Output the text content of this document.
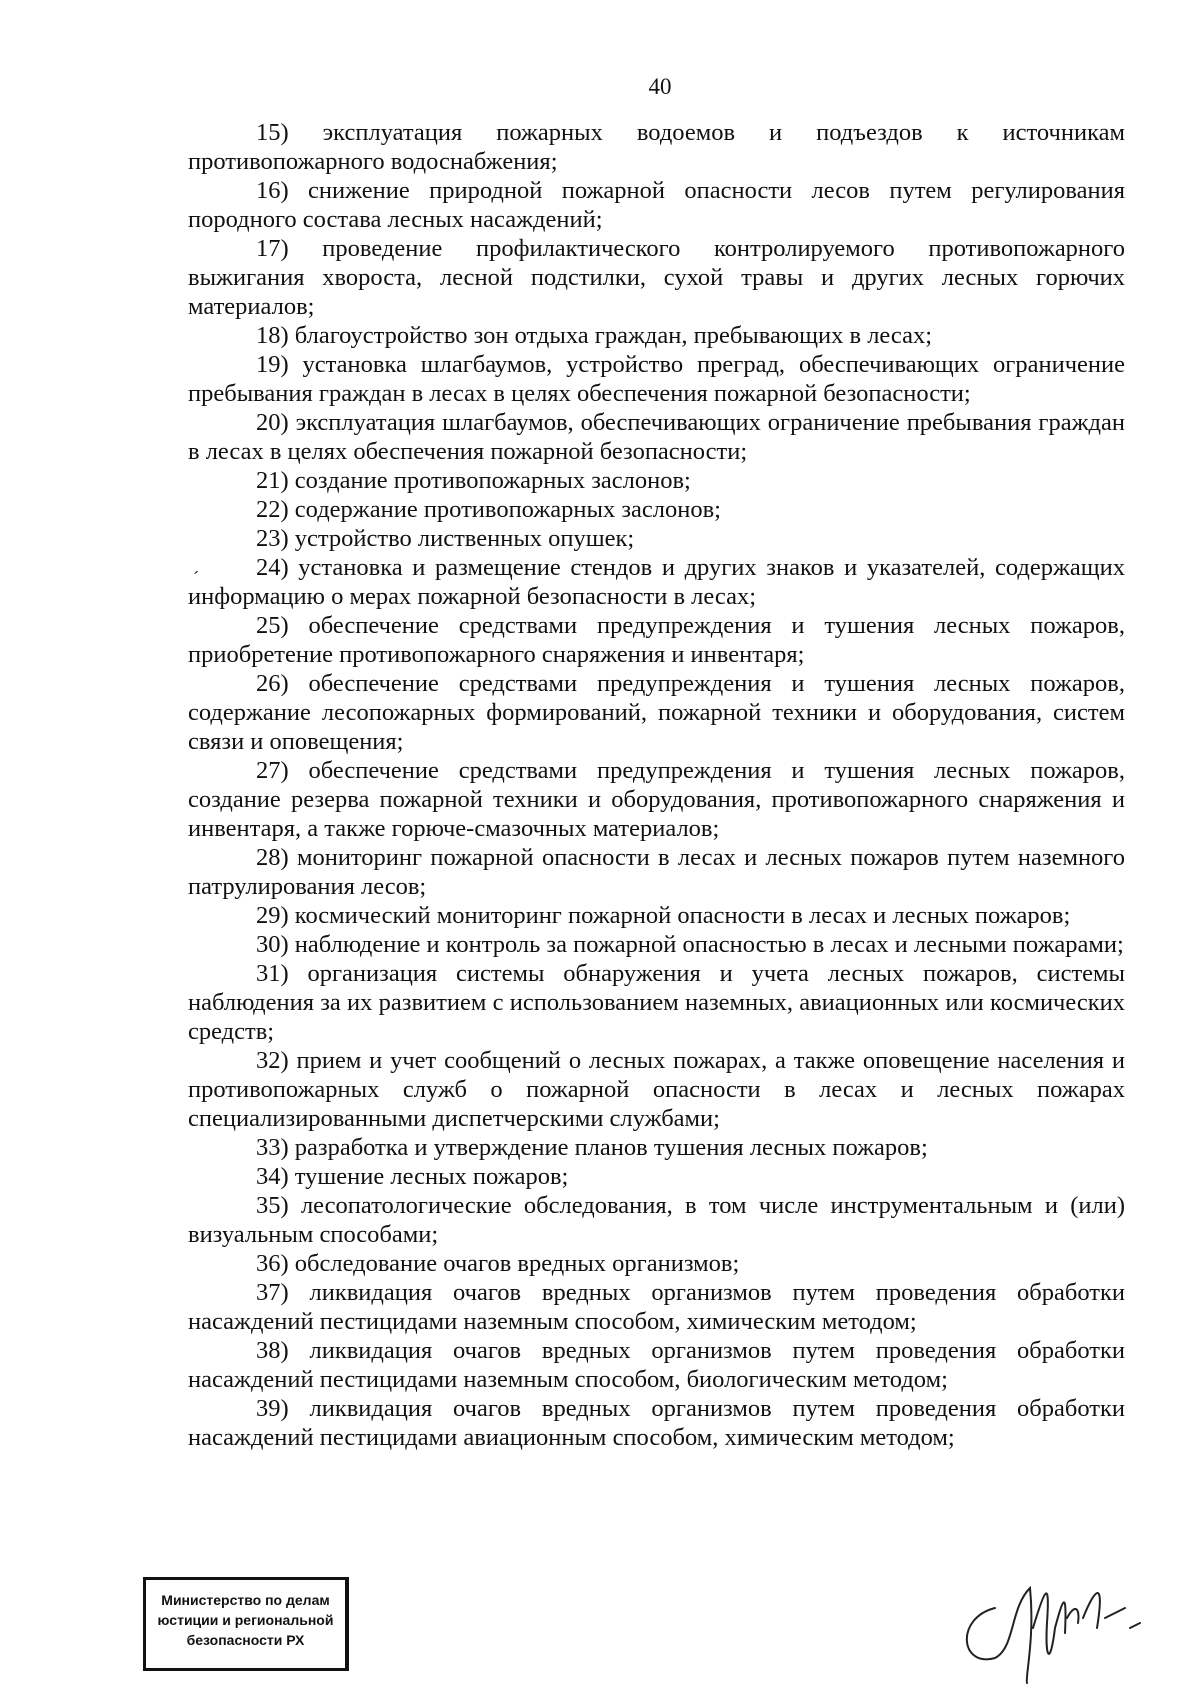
40
ˊ

15) эксплуатация пожарных водоемов и подъездов к источникам противопожарного водоснабжения;

16) снижение природной пожарной опасности лесов путем регулирования породного состава лесных насаждений;

17) проведение профилактического контролируемого противопожарного выжигания хвороста, лесной подстилки, сухой травы и других лесных горючих материалов;

18) благоустройство зон отдыха граждан, пребывающих в лесах;

19) установка шлагбаумов, устройство преград, обеспечивающих ограничение пребывания граждан в лесах в целях обеспечения пожарной безопасности;

20) эксплуатация шлагбаумов, обеспечивающих ограничение пребывания граждан в лесах в целях обеспечения пожарной безопасности;

21) создание противопожарных заслонов;

22) содержание противопожарных заслонов;

23) устройство лиственных опушек;

24) установка и размещение стендов и других знаков и указателей, содержащих информацию о мерах пожарной безопасности в лесах;

25) обеспечение средствами предупреждения и тушения лесных пожаров, приобретение противопожарного снаряжения и инвентаря;

26) обеспечение средствами предупреждения и тушения лесных пожаров, содержание лесопожарных формирований, пожарной техники и оборудования, систем связи и оповещения;

27) обеспечение средствами предупреждения и тушения лесных пожаров, создание резерва пожарной техники и оборудования, противопожарного снаряжения и инвентаря, а также горюче-смазочных материалов;

28) мониторинг пожарной опасности в лесах и лесных пожаров путем наземного патрулирования лесов;

29) космический мониторинг пожарной опасности в лесах и лесных пожаров;

30) наблюдение и контроль за пожарной опасностью в лесах и лесными пожарами;

31) организация системы обнаружения и учета лесных пожаров, системы наблюдения за их развитием с использованием наземных, авиационных или космических средств;

32) прием и учет сообщений о лесных пожарах, а также оповещение населения и противопожарных служб о пожарной опасности в лесах и лесных пожарах специализированными диспетчерскими службами;

33) разработка и утверждение планов тушения лесных пожаров;

34) тушение лесных пожаров;

35) лесопатологические обследования, в том числе инструментальным и (или) визуальным способами;

36) обследование очагов вредных организмов;

37) ликвидация очагов вредных организмов путем проведения обработки насаждений пестицидами наземным способом, химическим методом;

38) ликвидация очагов вредных организмов путем проведения обработки насаждений пестицидами наземным способом, биологическим методом;

39) ликвидация очагов вредных организмов путем проведения обработки насаждений пестицидами авиационным способом, химическим методом;

Министерство по делам
юстиции и региональной
безопасности РХ
